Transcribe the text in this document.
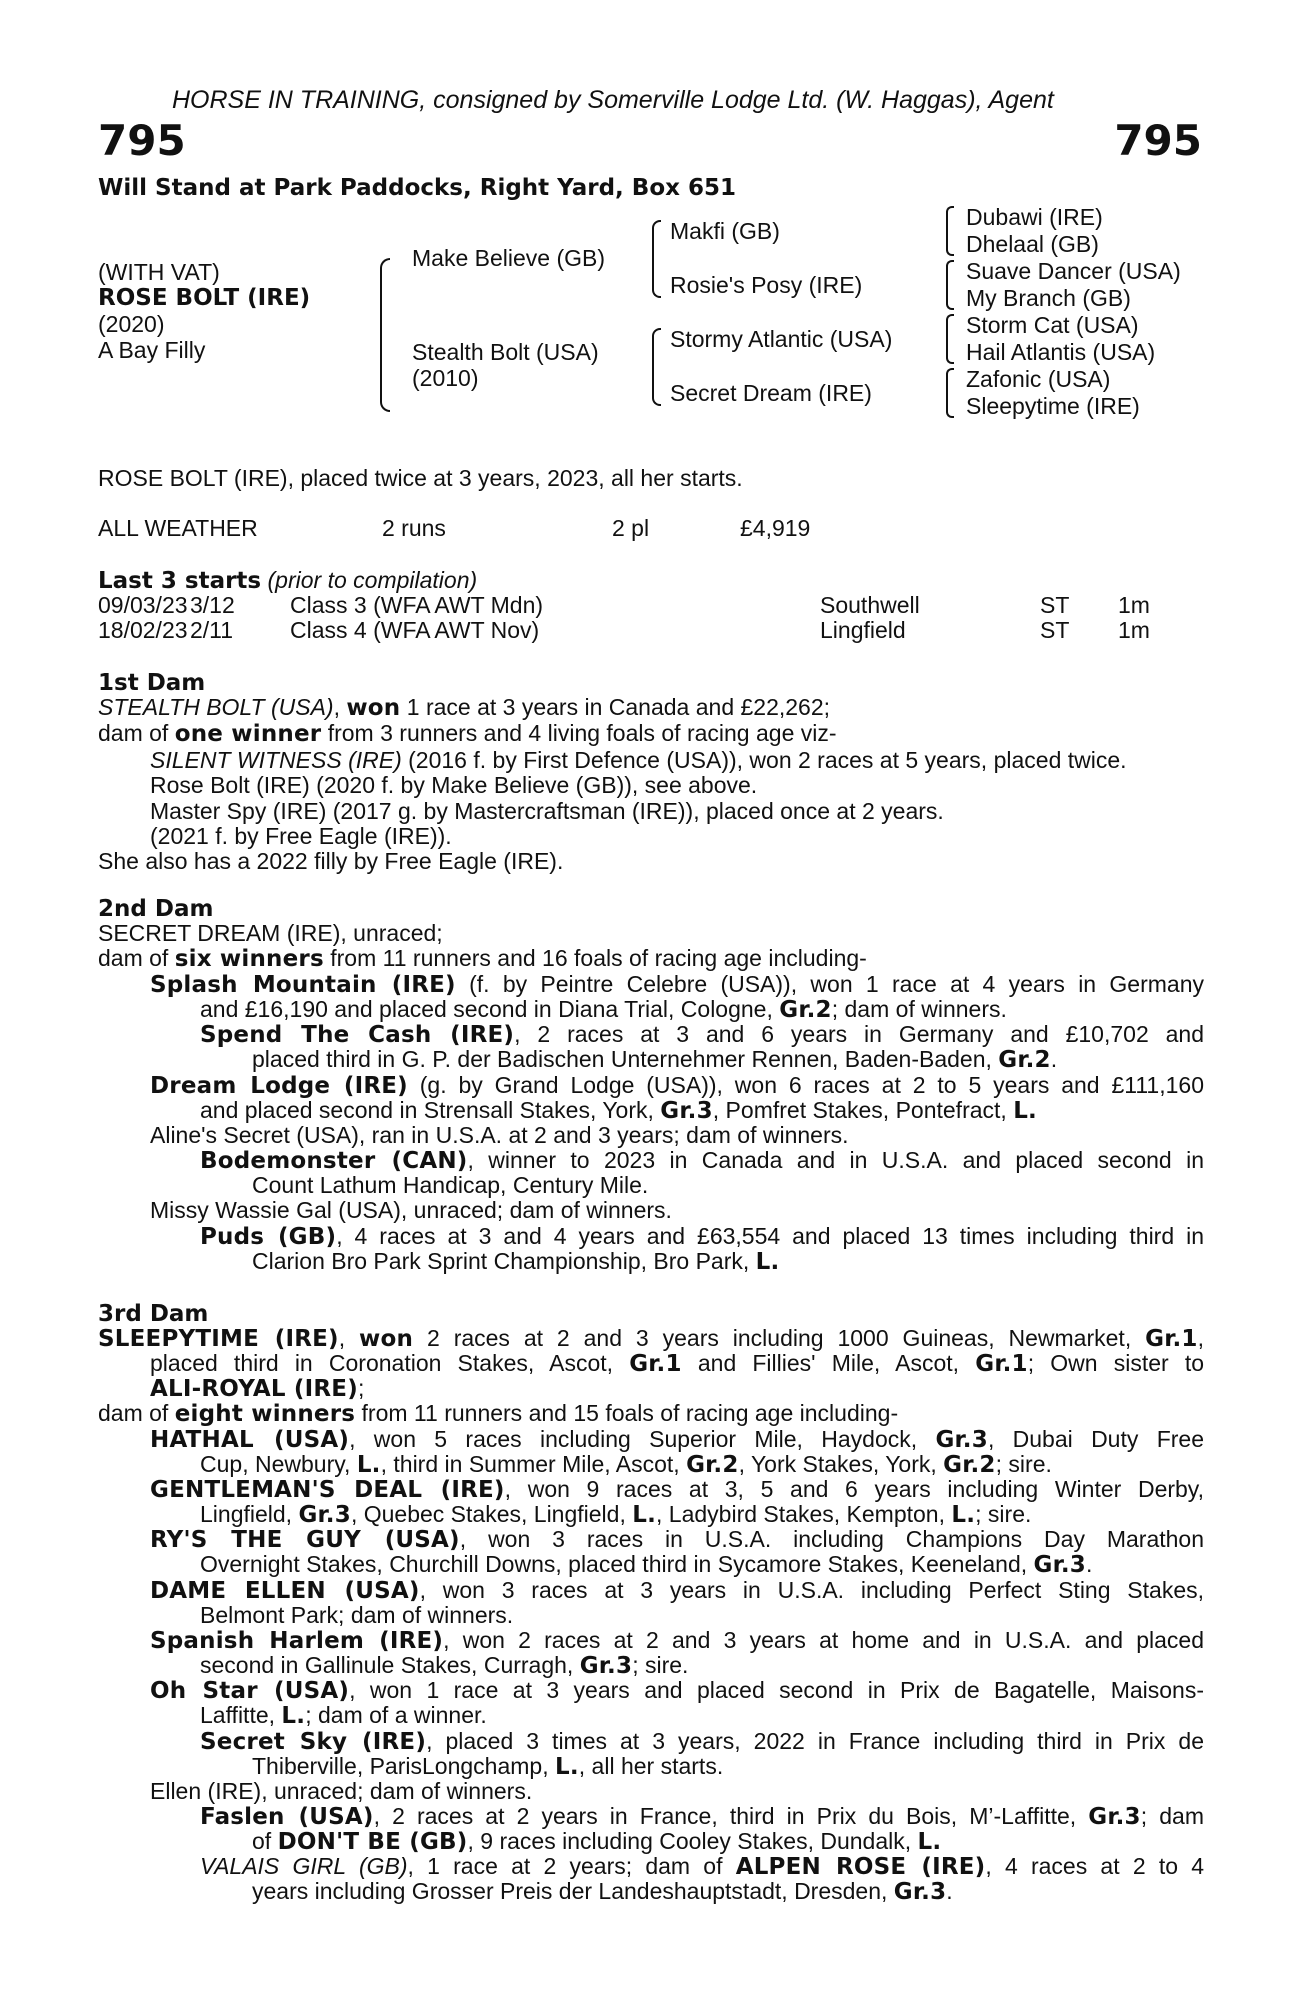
HORSE IN TRAINING, consigned by Somerville Lodge Ltd. (W. Haggas), Agent
795	795
Will Stand at Park Paddocks, Right Yard, Box 651
(WITH VAT)
ROSE BOLT (IRE)
(2020)
A Bay Filly
Make Believe (GB)
Stealth Bolt (USA)
(2010)
Makfi (GB)
Rosie's Posy (IRE)
Stormy Atlantic (USA)
Secret Dream (IRE)
Dubawi (IRE)
Dhelaal (GB)
Suave Dancer (USA)
My Branch (GB)
Storm Cat (USA)
Hail Atlantis (USA)
Zafonic (USA)
Sleepytime (IRE)
ROSE BOLT (IRE), placed twice at 3 years, 2023, all her starts.
ALL WEATHER	2 runs	2 pl	£4,919
Last 3 starts (prior to compilation)
09/03/23 3/12 Class 3 (WFA AWT Mdn)	Southwell	ST 1m
18/02/23 2/11 Class 4 (WFA AWT Nov)	Lingfield	ST 1m
1st Dam
STEALTH BOLT (USA), won 1 race at 3 years in Canada and £22,262;
dam of one winner from 3 runners and 4 living foals of racing age viz-
SILENT WITNESS (IRE) (2016 f. by First Defence (USA)), won 2 races at 5 years, placed twice.
Rose Bolt (IRE) (2020 f. by Make Believe (GB)), see above.
Master Spy (IRE) (2017 g. by Mastercraftsman (IRE)), placed once at 2 years.
(2021 f. by Free Eagle (IRE)).
She also has a 2022 filly by Free Eagle (IRE).
2nd Dam
SECRET DREAM (IRE), unraced;
dam of six winners from 11 runners and 16 foals of racing age including-
Splash Mountain (IRE) (f. by Peintre Celebre (USA)), won 1 race at 4 years in Germany
and £16,190 and placed second in Diana Trial, Cologne, Gr.2; dam of winners.
Spend The Cash (IRE), 2 races at 3 and 6 years in Germany and £10,702 and
placed third in G. P. der Badischen Unternehmer Rennen, Baden-Baden, Gr.2.
Dream Lodge (IRE) (g. by Grand Lodge (USA)), won 6 races at 2 to 5 years and £111,160
and placed second in Strensall Stakes, York, Gr.3, Pomfret Stakes, Pontefract, L.
Aline's Secret (USA), ran in U.S.A. at 2 and 3 years; dam of winners.
Bodemonster (CAN), winner to 2023 in Canada and in U.S.A. and placed second in
Count Lathum Handicap, Century Mile.
Missy Wassie Gal (USA), unraced; dam of winners.
Puds (GB), 4 races at 3 and 4 years and £63,554 and placed 13 times including third in
Clarion Bro Park Sprint Championship, Bro Park, L.
3rd Dam
SLEEPYTIME (IRE), won 2 races at 2 and 3 years including 1000 Guineas, Newmarket, Gr.1,
placed third in Coronation Stakes, Ascot, Gr.1 and Fillies' Mile, Ascot, Gr.1; Own sister to
ALI-ROYAL (IRE);
dam of eight winners from 11 runners and 15 foals of racing age including-
HATHAL (USA), won 5 races including Superior Mile, Haydock, Gr.3, Dubai Duty Free
Cup, Newbury, L., third in Summer Mile, Ascot, Gr.2, York Stakes, York, Gr.2; sire.
GENTLEMAN'S DEAL (IRE), won 9 races at 3, 5 and 6 years including Winter Derby,
Lingfield, Gr.3, Quebec Stakes, Lingfield, L., Ladybird Stakes, Kempton, L.; sire.
RY'S THE GUY (USA), won 3 races in U.S.A. including Champions Day Marathon
Overnight Stakes, Churchill Downs, placed third in Sycamore Stakes, Keeneland, Gr.3.
DAME ELLEN (USA), won 3 races at 3 years in U.S.A. including Perfect Sting Stakes,
Belmont Park; dam of winners.
Spanish Harlem (IRE), won 2 races at 2 and 3 years at home and in U.S.A. and placed
second in Gallinule Stakes, Curragh, Gr.3; sire.
Oh Star (USA), won 1 race at 3 years and placed second in Prix de Bagatelle, Maisons-
Laffitte, L.; dam of a winner.
Secret Sky (IRE), placed 3 times at 3 years, 2022 in France including third in Prix de
Thiberville, ParisLongchamp, L., all her starts.
Ellen (IRE), unraced; dam of winners.
Faslen (USA), 2 races at 2 years in France, third in Prix du Bois, M’-Laffitte, Gr.3; dam
of DON'T BE (GB), 9 races including Cooley Stakes, Dundalk, L.
VALAIS GIRL (GB), 1 race at 2 years; dam of ALPEN ROSE (IRE), 4 races at 2 to 4
years including Grosser Preis der Landeshauptstadt, Dresden, Gr.3.
